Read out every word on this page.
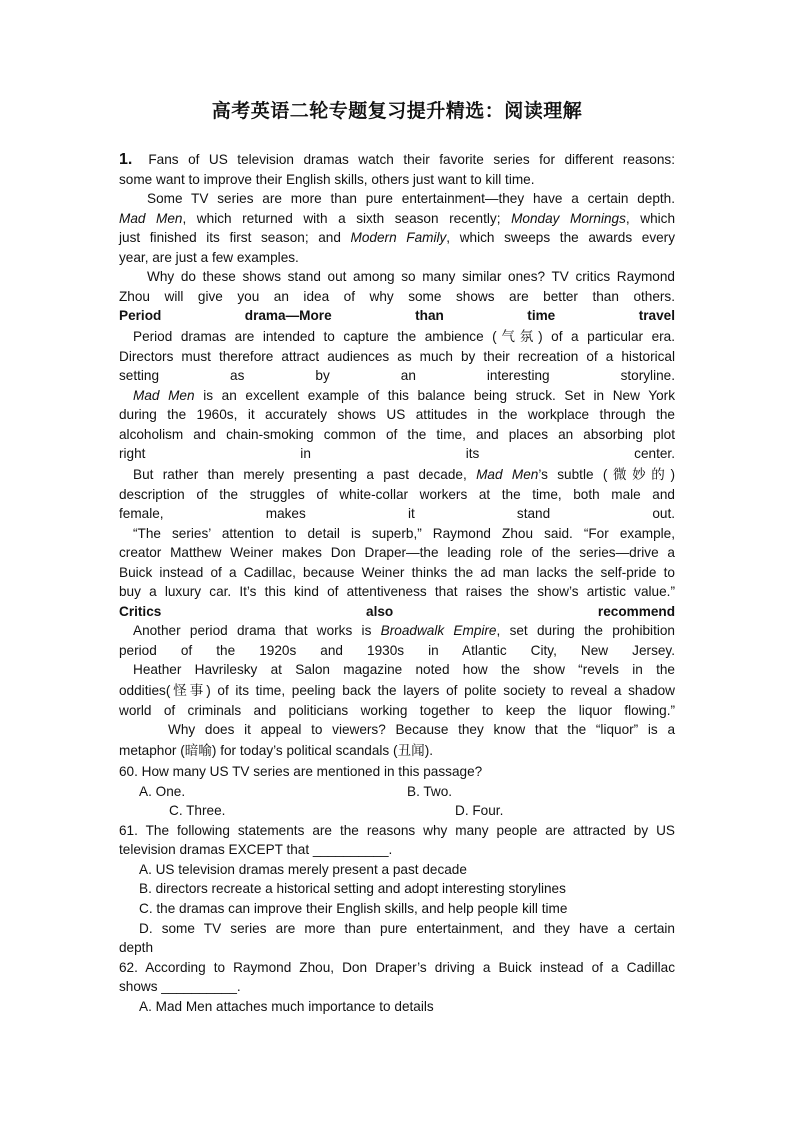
高考英语二轮专题复习提升精选：阅读理解
1. Fans of US television dramas watch their favorite series for different reasons:
some want to improve their English skills, others just want to kill time.
Some TV series are more than pure entertainment—they have a certain depth.
Mad Men, which returned with a sixth season recently; Monday Mornings, which
just finished its first season; and Modern Family, which sweeps the awards every
year, are just a few examples.
Why do these shows stand out among so many similar ones? TV critics Raymond
Zhou will give you an idea of why some shows are better than others.
Period drama—More than time travel
Period dramas are intended to capture the ambience (气氛) of a particular era.
Directors must therefore attract audiences as much by their recreation of a historical
setting as by an interesting storyline.
Mad Men is an excellent example of this balance being struck. Set in New York
during the 1960s, it accurately shows US attitudes in the workplace through the
alcoholism and chain-smoking common of the time, and places an absorbing plot
right in its center.
But rather than merely presenting a past decade, Mad Men’s subtle (微妙的)
description of the struggles of white-collar workers at the time, both male and
female, makes it stand out.
“The series’ attention to detail is superb,” Raymond Zhou said. “For example,
creator Matthew Weiner makes Don Draper—the leading role of the series—drive a
Buick instead of a Cadillac, because Weiner thinks the ad man lacks the self-pride to
buy a luxury car. It’s this kind of attentiveness that raises the show’s artistic value.”
Critics also recommend
Another period drama that works is Broadwalk Empire, set during the prohibition
period of the 1920s and 1930s in Atlantic City, New Jersey.
Heather Havrilesky at Salon magazine noted how the show “revels in the
oddities(怪事) of its time, peeling back the layers of polite society to reveal a shadow
world of criminals and politicians working together to keep the liquor flowing.”
Why does it appeal to viewers? Because they know that the “liquor” is a
metaphor (暗喻) for today’s political scandals (丑闻).
60. How many US TV series are mentioned in this passage?
A. One.	B. Two.
C. Three.	D. Four.
61. The following statements are the reasons why many people are attracted by US
television dramas EXCEPT that __________.
A. US television dramas merely present a past decade
B. directors recreate a historical setting and adopt interesting storylines
C. the dramas can improve their English skills, and help people kill time
D. some TV series are more than pure entertainment, and they have a certain
depth
62. According to Raymond Zhou, Don Draper’s driving a Buick instead of a Cadillac
shows __________.
A. Mad Men attaches much importance to details
